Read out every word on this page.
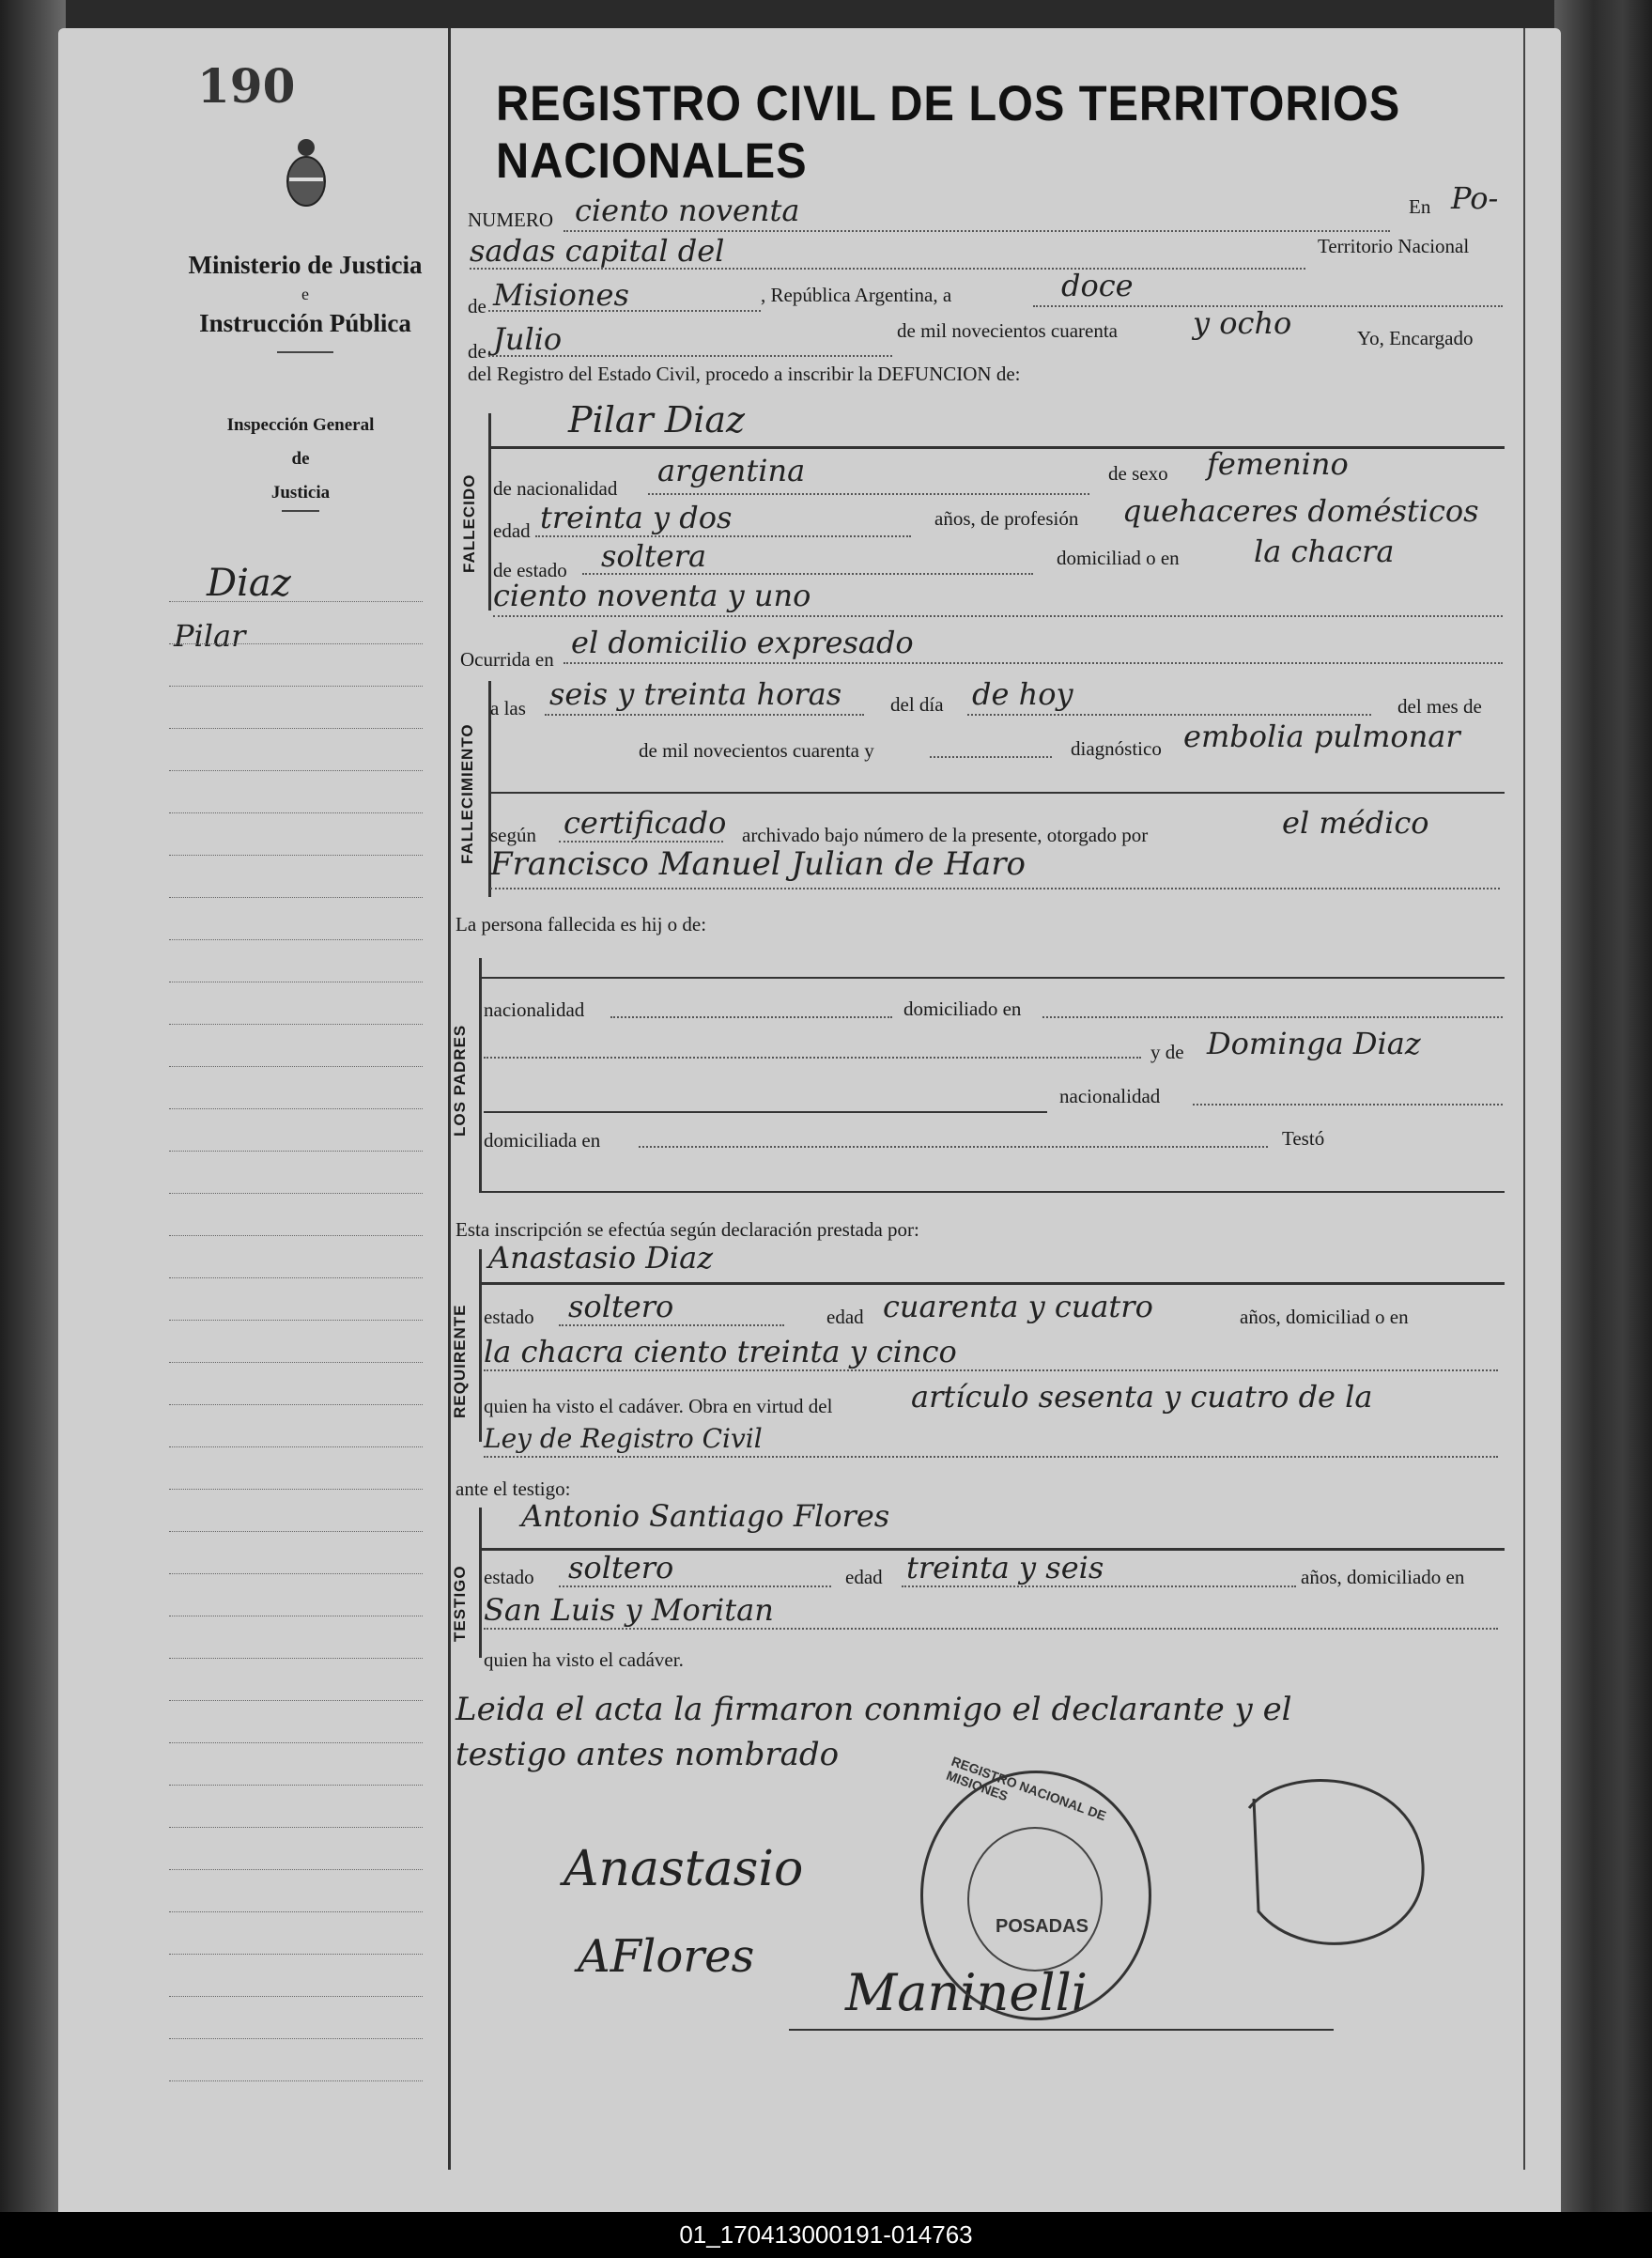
190
Ministerio de Justicia
e
Instrucción Pública
Inspección General
de
Justicia
Diaz
Pilar
REGISTRO CIVIL DE LOS TERRITORIOS NACIONALES
NUMERO ciento noventa	En Po-
sadas capital del	Territorio Nacional
de Misiones	, República Argentina, a	doce
de Julio	de mil novecientos cuarenta	y ocho	Yo, Encargado
del Registro del Estado Civil, procedo a inscribir la DEFUNCION de:
FALLECIDO
Pilar Diaz
de nacionalidad argentina	de sexo femenino
edad treinta y dos	años, de profesión quehaceres domésticos
de estado soltera	domiciliad o en la chacra
ciento noventa y uno
Ocurrida en el domicilio expresado
FALLECIMIENTO
a las seis y treinta horas del día de hoy	del mes de
de mil novecientos cuarenta y	diagnóstico embolia pulmonar
según certificado archivado bajo número de la presente, otorgado por	el médico
Francisco Manuel Julian de Haro
La persona fallecida es hij o de:
LOS PADRES
nacionalidad	domiciliado en
y de Dominga Diaz
nacionalidad
domiciliada en	Testó
Esta inscripción se efectúa según declaración prestada por:
REQUIRENTE
Anastasio Diaz
estado soltero	edad cuarenta y cuatro	años, domiciliad o en
la chacra ciento treinta y cinco
quien ha visto el cadáver. Obra en virtud del	artículo sesenta y cuatro de la
Ley de Registro Civil
ante el testigo:
TESTIGO
Antonio Santiago Flores
estado soltero	edad treinta y seis	años, domiciliado en
San Luis y Moritan
quien ha visto el cadáver.
Leida el acta la firmaron conmigo el declarante y el
testigo antes nombrado
Anastasio
AFlores
Maninelli
REGISTRO NACIONAL DE MISIONES
POSADAS
01_170413000191-014763
